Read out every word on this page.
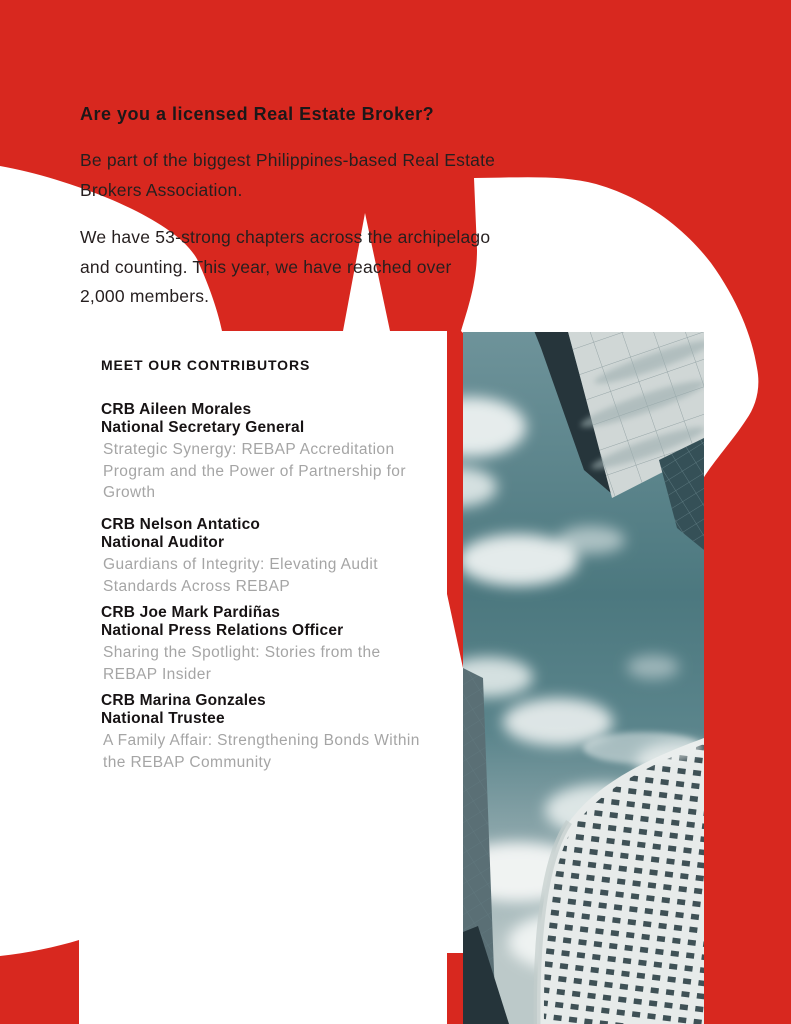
Are you a licensed Real Estate Broker?
Be part of the biggest Philippines-based Real Estate
Brokers Association.
We have 53-strong chapters across the archipelago
and counting. This year, we have reached over
2,000 members.
MEET OUR CONTRIBUTORS
CRB Aileen Morales
National Secretary General
Strategic Synergy: REBAP Accreditation
Program and the Power of Partnership for
Growth
CRB Nelson Antatico
National Auditor
Guardians of Integrity: Elevating Audit
Standards Across REBAP
CRB Joe Mark Pardiñas
National Press Relations Officer
Sharing the Spotlight: Stories from the
REBAP Insider
CRB Marina Gonzales
National Trustee
A Family Affair: Strengthening Bonds Within
the REBAP Community
